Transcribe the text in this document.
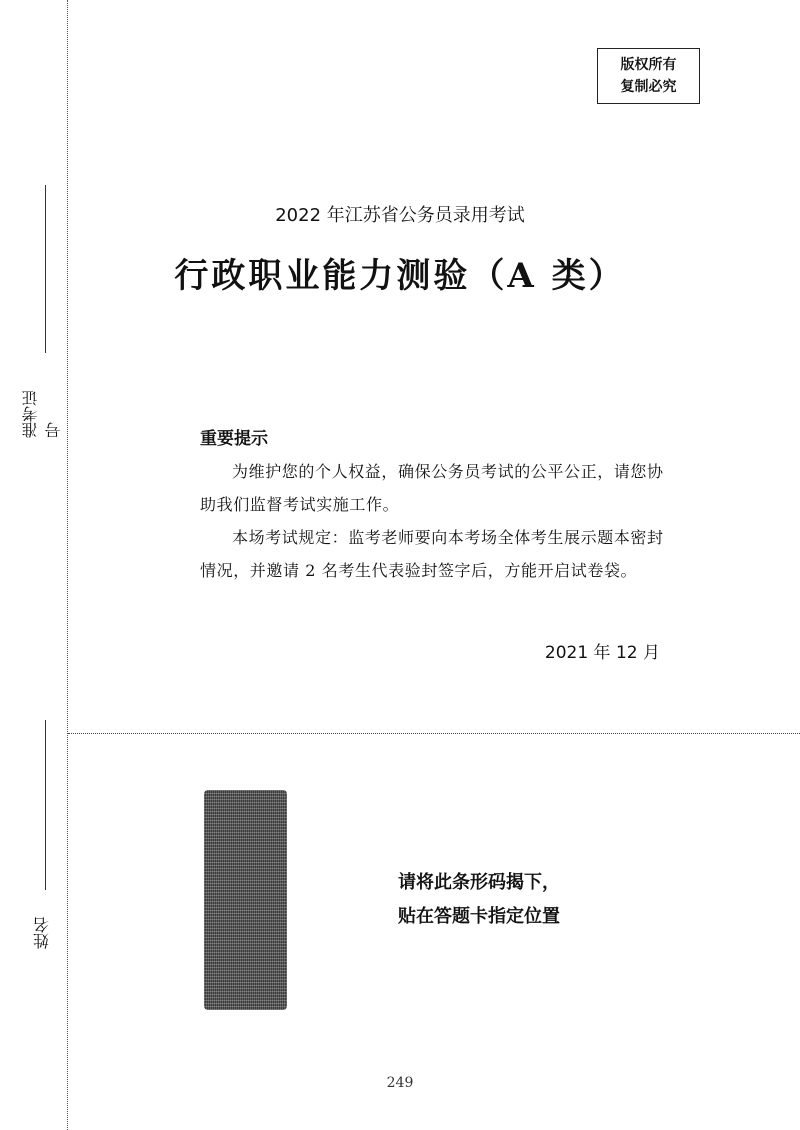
准考证号
姓名
版权所有
复制必究
2022 年江苏省公务员录用考试
行政职业能力测验（A 类）
重要提示
为维护您的个人权益，确保公务员考试的公平公正，请您协助我们监督考试实施工作。
本场考试规定：监考老师要向本考场全体考生展示题本密封情况，并邀请 2 名考生代表验封签字后，方能开启试卷袋。
2021 年 12 月
请将此条形码揭下，
贴在答题卡指定位置
249
